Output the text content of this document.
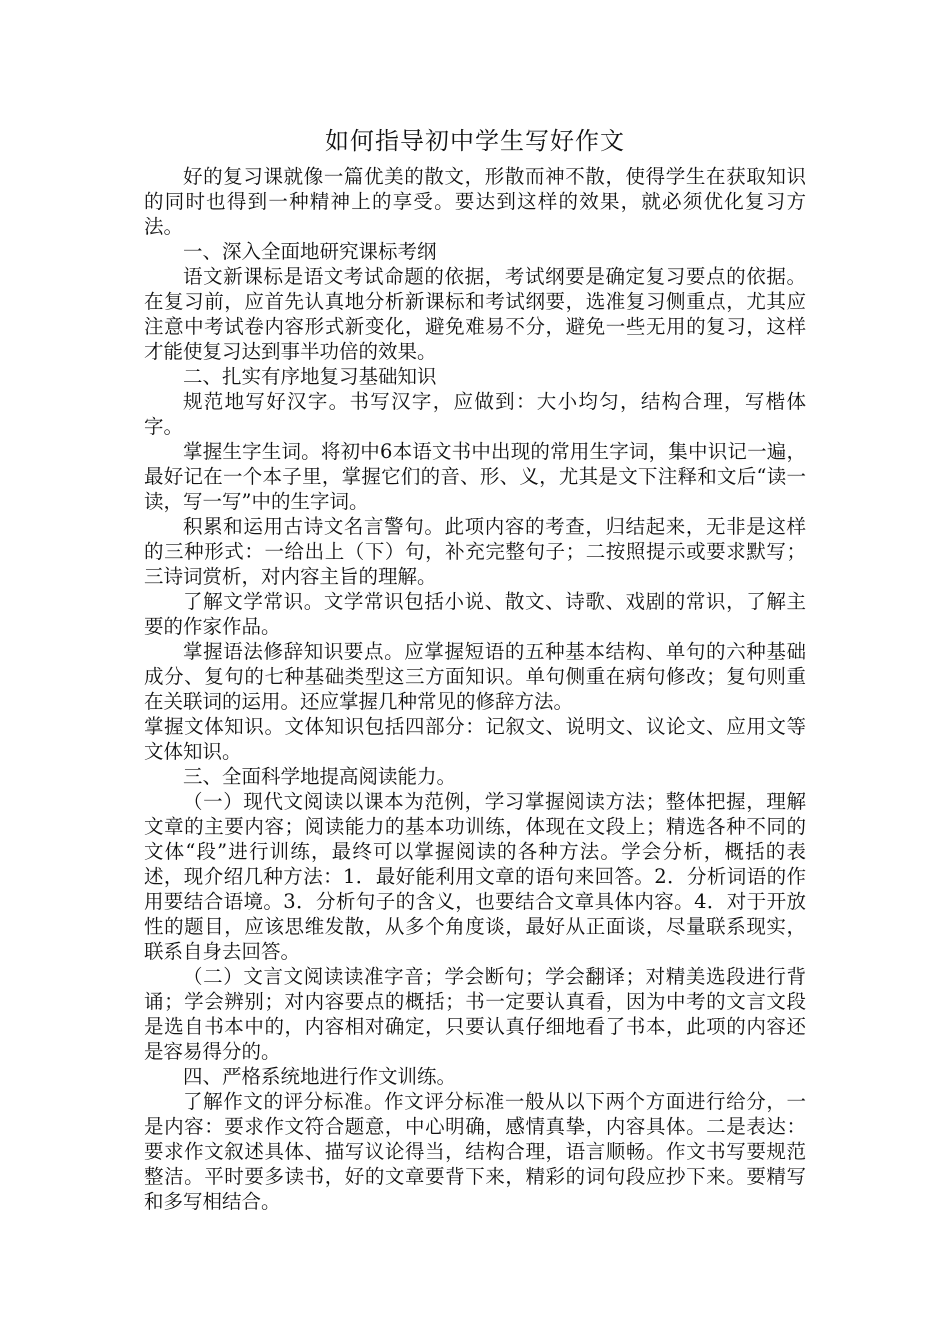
如何指导初中学生写好作文

好的复习课就像一篇优美的散文，形散而神不散，使得学生在获取知识的同时也得到一种精神上的享受。要达到这样的效果，就必须优化复习方法。

一、深入全面地研究课标考纲

语文新课标是语文考试命题的依据，考试纲要是确定复习要点的依据。在复习前，应首先认真地分析新课标和考试纲要，选准复习侧重点，尤其应注意中考试卷内容形式新变化，避免难易不分，避免一些无用的复习，这样才能使复习达到事半功倍的效果。

二、扎实有序地复习基础知识

规范地写好汉字。书写汉字，应做到：大小均匀，结构合理，写楷体字。

掌握生字生词。将初中6本语文书中出现的常用生字词，集中识记一遍，最好记在一个本子里，掌握它们的音、形、义，尤其是文下注释和文后“读一读，写一写”中的生字词。

积累和运用古诗文名言警句。此项内容的考查，归结起来，无非是这样的三种形式：一给出上（下）句，补充完整句子；二按照提示或要求默写；三诗词赏析，对内容主旨的理解。

了解文学常识。文学常识包括小说、散文、诗歌、戏剧的常识，了解主要的作家作品。

掌握语法修辞知识要点。应掌握短语的五种基本结构、单句的六种基础成分、复句的七种基础类型这三方面知识。单句侧重在病句修改；复句则重在关联词的运用。还应掌握几种常见的修辞方法。

掌握文体知识。文体知识包括四部分：记叙文、说明文、议论文、应用文等文体知识。

三、全面科学地提高阅读能力。

（一）现代文阅读以课本为范例，学习掌握阅读方法；整体把握，理解文章的主要内容；阅读能力的基本功训练，体现在文段上；精选各种不同的文体“段”进行训练，最终可以掌握阅读的各种方法。学会分析，概括的表述，现介绍几种方法：1．最好能利用文章的语句来回答。2．分析词语的作用要结合语境。3．分析句子的含义，也要结合文章具体内容。4．对于开放性的题目，应该思维发散，从多个角度谈，最好从正面谈，尽量联系现实，联系自身去回答。

（二）文言文阅读读准字音；学会断句；学会翻译；对精美选段进行背诵；学会辨别；对内容要点的概括；书一定要认真看，因为中考的文言文段是选自书本中的，内容相对确定，只要认真仔细地看了书本，此项的内容还是容易得分的。

四、严格系统地进行作文训练。

了解作文的评分标准。作文评分标准一般从以下两个方面进行给分，一是内容：要求作文符合题意，中心明确，感情真挚，内容具体。二是表达：要求作文叙述具体、描写议论得当，结构合理，语言顺畅。作文书写要规范整洁。平时要多读书，好的文章要背下来，精彩的词句段应抄下来。要精写和多写相结合。
